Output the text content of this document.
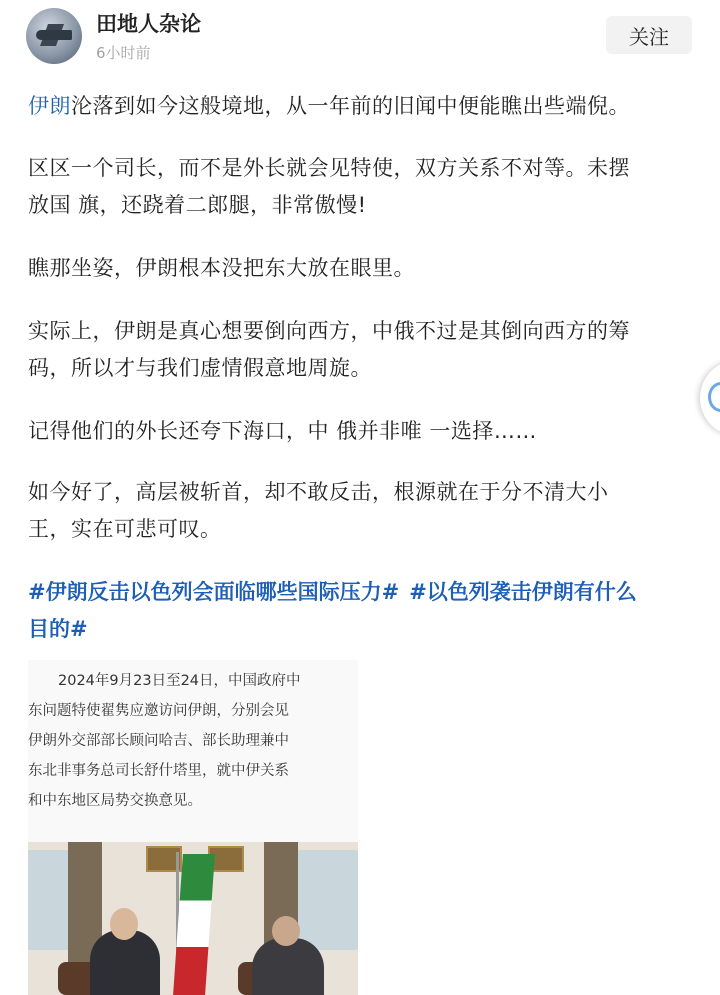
田地人杂论
6小时前
关注
伊朗沦落到如今这般境地，从一年前的旧闻中便能瞧出些端倪。
区区一个司长，而不是外长就会见特使，双方关系不对等。未摆
放国 旗，还跷着二郎腿，非常傲慢!
瞧那坐姿，伊朗根本没把东大放在眼里。
实际上，伊朗是真心想要倒向西方，中俄不过是其倒向西方的筹
码，所以才与我们虚情假意地周旋。
记得他们的外长还夸下海口，中 俄并非唯 一选择……
如今好了，高层被斩首，却不敢反击，根源就在于分不清大小
王，实在可悲可叹。
#伊朗反击以色列会面临哪些国际压力# #以色列袭击伊朗有什么
目的#
2024年9月23日至24日，中国政府中
东问题特使翟隽应邀访问伊朗，分别会见
伊朗外交部部长顾问哈吉、部长助理兼中
东北非事务总司长舒什塔里，就中伊关系
和中东地区局势交换意见。
